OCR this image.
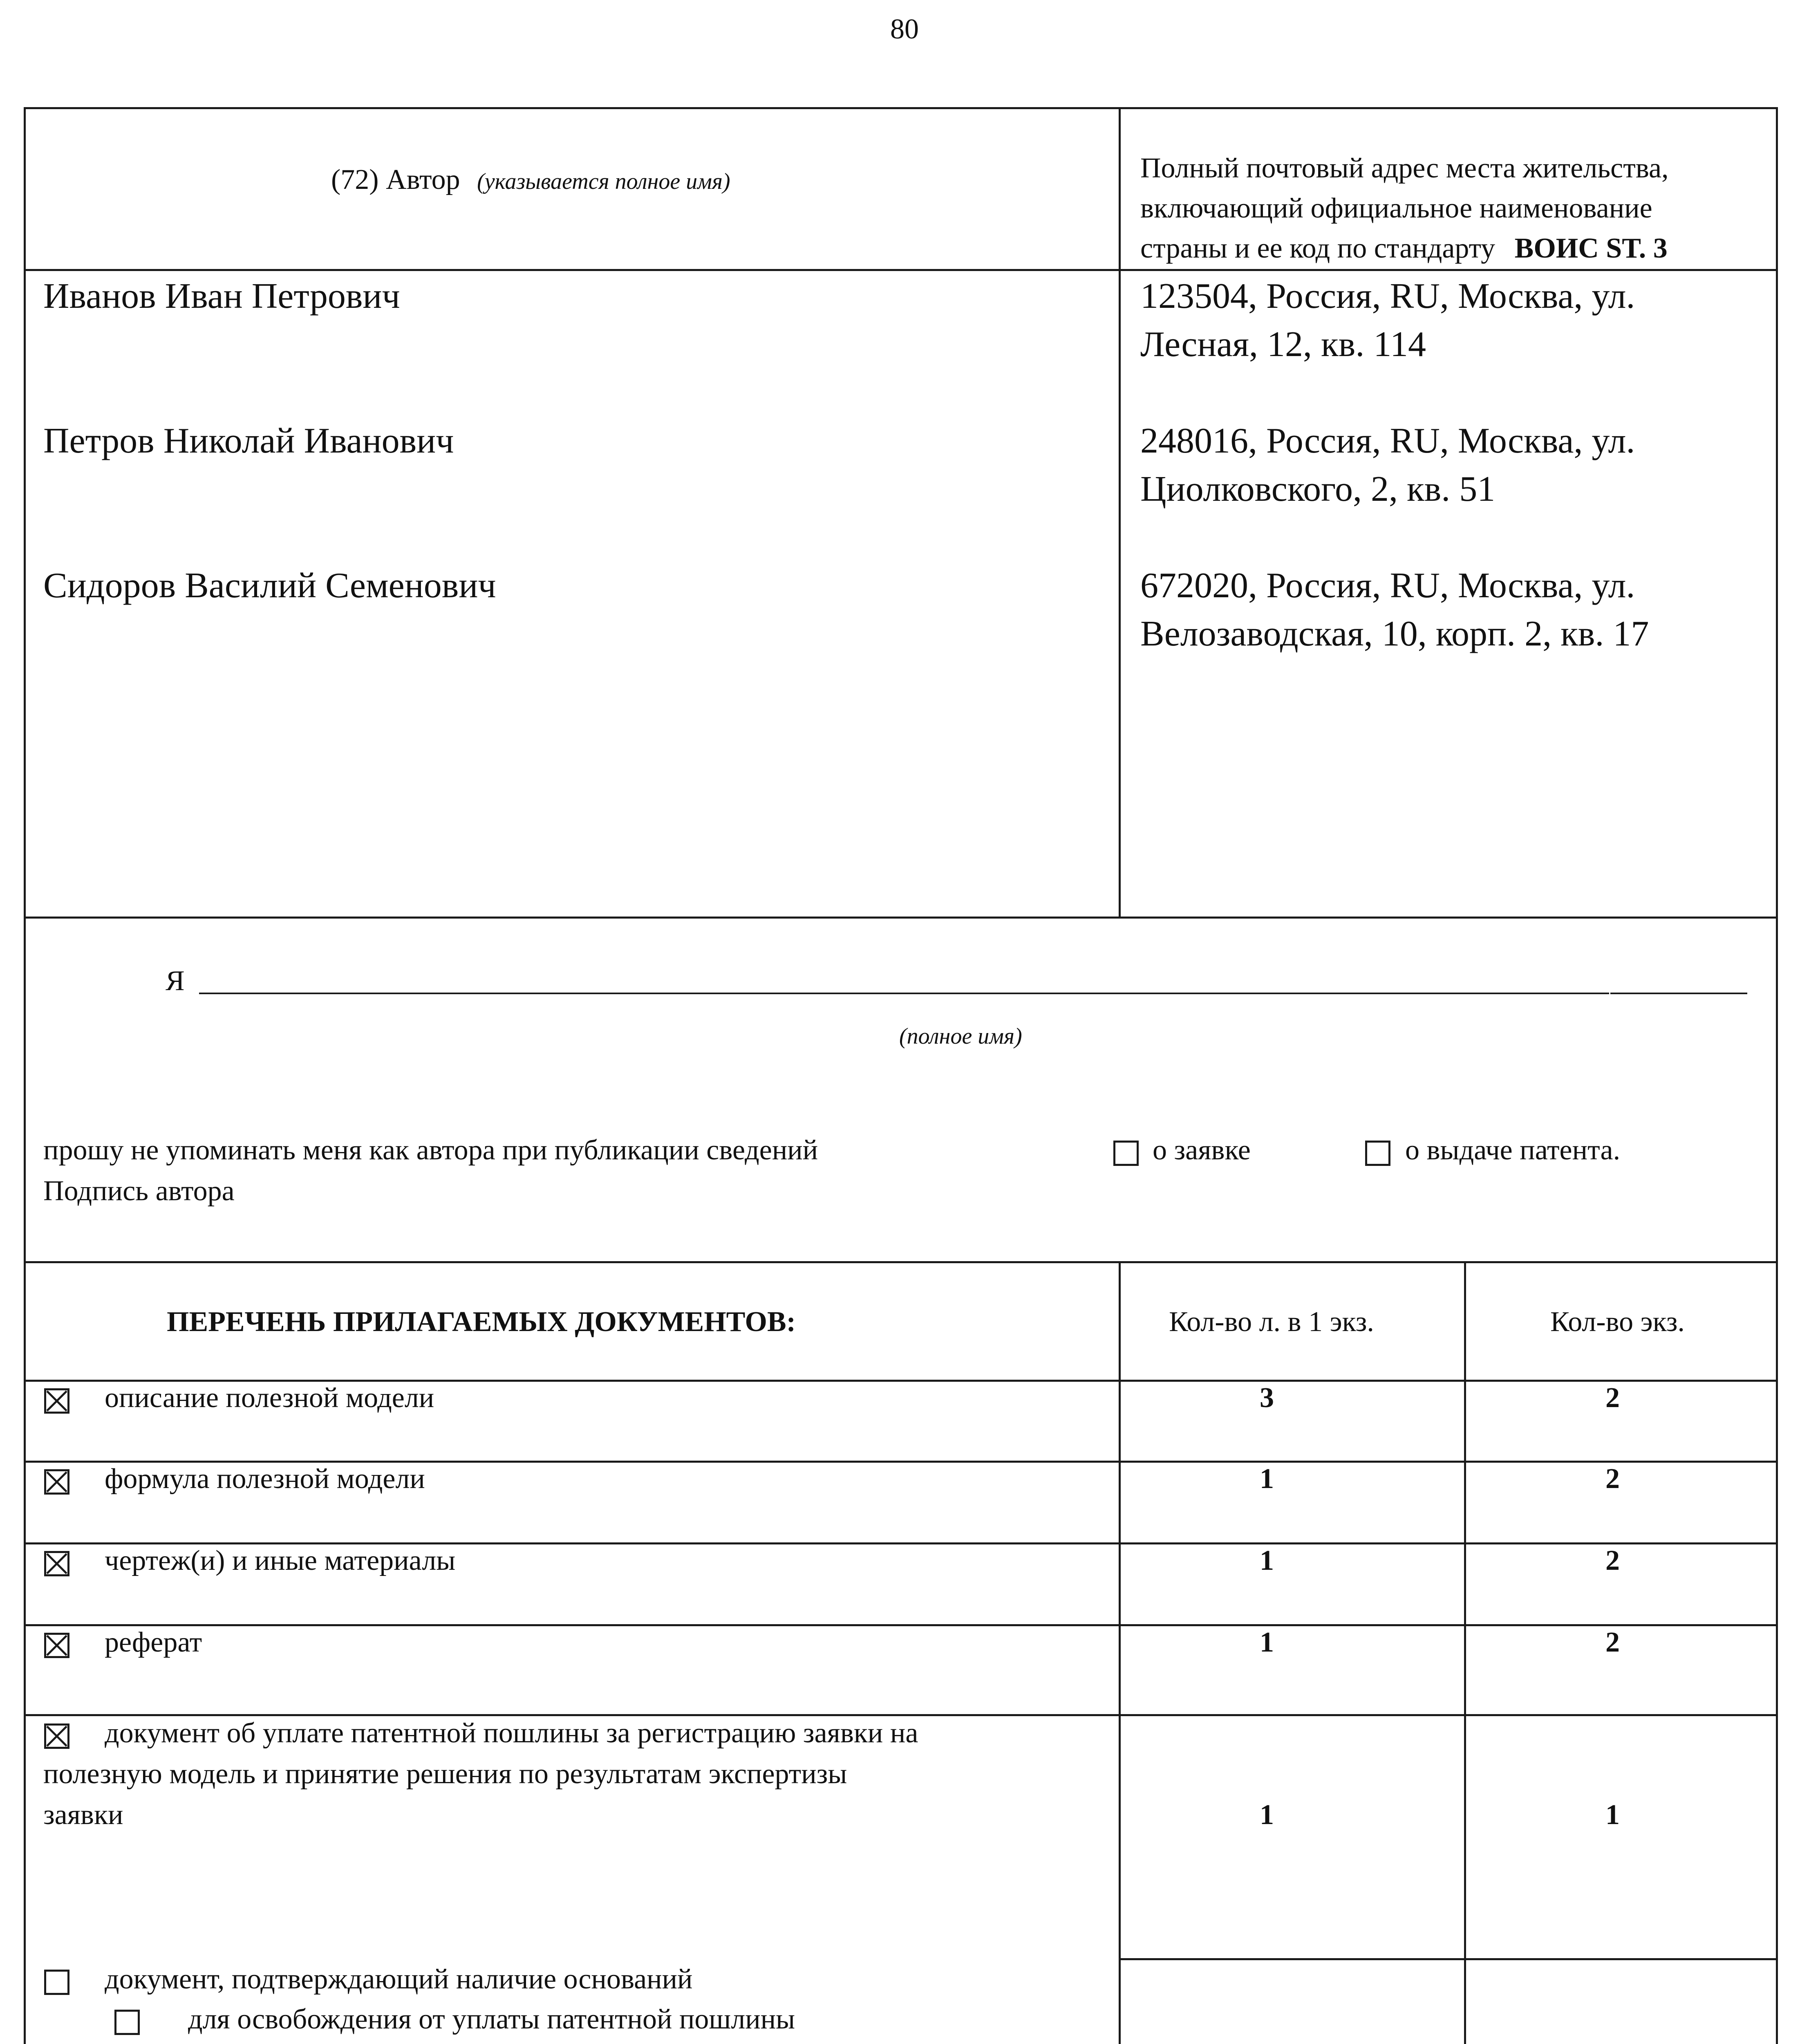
80
(72) Автор (указывается полное имя)	Полный почтовый адрес места жительства,
включающий официальное наименование
страны и ее код по стандарту ВОИС ST. 3
Иванов Иван Петрович	123504, Россия, RU, Москва, ул.
Лесная, 12, кв. 114
Петров Николай Иванович	248016, Россия, RU, Москва, ул.
Циолковского, 2, кв. 51
Сидоров Василий Семенович	672020, Россия, RU, Москва, ул.
Велозаводская, 10, корп. 2, кв. 17
Я
(полное имя)
прошу не упоминать меня как автора при публикации сведений	о заявке	о выдаче патента.
Подпись автора
ПЕРЕЧЕНЬ ПРИЛАГАЕМЫХ ДОКУМЕНТОВ:	Кол-во л. в 1 экз.	Кол-во экз.
описание полезной модели	3	2
формула полезной модели	1	2
чертеж(и) и иные материалы	1	2
реферат	1	2
документ об уплате патентной пошлины за регистрацию заявки на
полезную модель и принятие решения по результатам экспертизы
заявки	1	1
документ, подтверждающий наличие оснований
для освобождения от уплаты патентной пошлины
